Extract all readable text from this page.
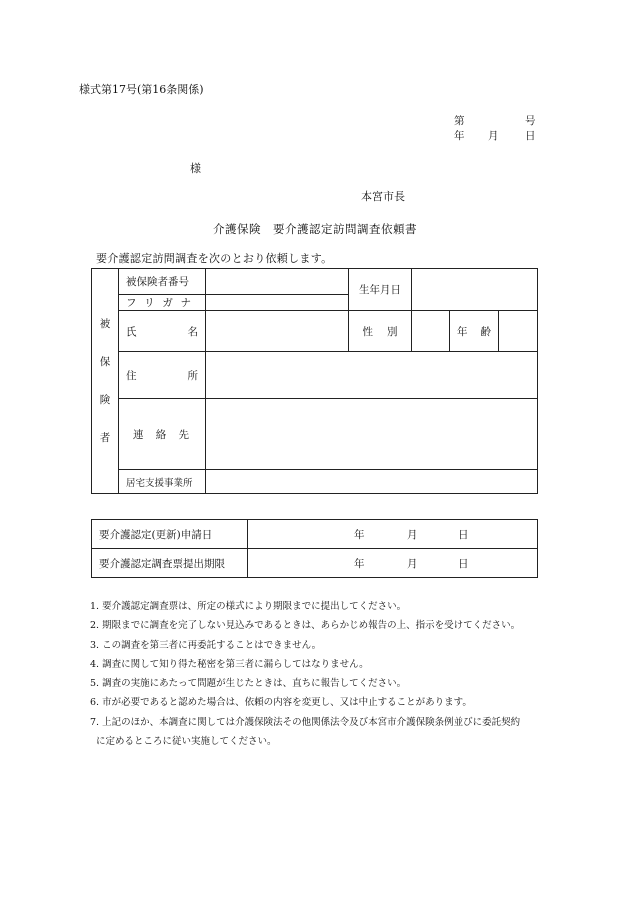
様式第17号(第16条関係)
第	号
年 月	日
様
本宮市長
介護保険　要介護認定訪問調査依頼書
要介護認定訪問調査を次のとおり依頼します。
被
保
険
者	被保険者番号		生年月日			

	フ リ ガ ナ					

	氏 名		性 別		年 齢	

	住 所					

	連 絡 先					

	居宅支援事業所					
要介護認定(更新)申請日	年 月 日

要介護認定調査票提出期限	年 月 日
1. 要介護認定調査票は、所定の様式により期限までに提出してください。
2. 期限までに調査を完了しない見込みであるときは、あらかじめ報告の上、指示を受けてください。
3. この調査を第三者に再委託することはできません。
4. 調査に関して知り得た秘密を第三者に漏らしてはなりません。
5. 調査の実施にあたって問題が生じたときは、直ちに報告してください。
6. 市が必要であると認めた場合は、依頼の内容を変更し、又は中止することがあります。
7. 上記のほか、本調査に関しては介護保険法その他関係法令及び本宮市介護保険条例並びに委託契約
に定めるところに従い実施してください。
